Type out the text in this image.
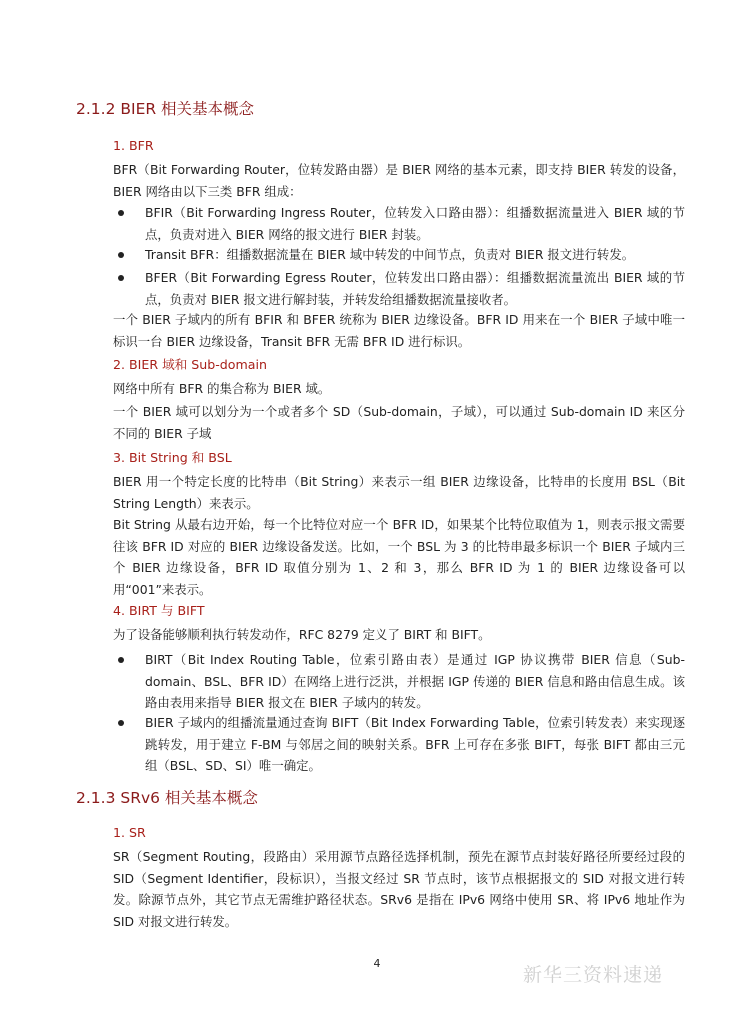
2.1.2 BIER 相关基本概念
1. BFR
BFR（Bit Forwarding Router，位转发路由器）是 BIER 网络的基本元素，即支持 BIER 转发的设备，BIER 网络由以下三类 BFR 组成：
BFIR（Bit Forwarding Ingress Router，位转发入口路由器）：组播数据流量进入 BIER 域的节点，负责对进入 BIER 网络的报文进行 BIER 封装。
Transit BFR：组播数据流量在 BIER 域中转发的中间节点，负责对 BIER 报文进行转发。
BFER（Bit Forwarding Egress Router，位转发出口路由器）：组播数据流量流出 BIER 域的节点，负责对 BIER 报文进行解封装，并转发给组播数据流量接收者。
一个 BIER 子域内的所有 BFIR 和 BFER 统称为 BIER 边缘设备。BFR ID 用来在一个 BIER 子域中唯一标识一台 BIER 边缘设备，Transit BFR 无需 BFR ID 进行标识。
2. BIER 域和 Sub-domain
网络中所有 BFR 的集合称为 BIER 域。
一个 BIER 域可以划分为一个或者多个 SD（Sub-domain，子域），可以通过 Sub-domain ID 来区分不同的 BIER 子域
3. Bit String 和 BSL
BIER 用一个特定长度的比特串（Bit String）来表示一组 BIER 边缘设备，比特串的长度用 BSL（Bit String Length）来表示。
Bit String 从最右边开始，每一个比特位对应一个 BFR ID，如果某个比特位取值为 1，则表示报文需要往该 BFR ID 对应的 BIER 边缘设备发送。比如，一个 BSL 为 3 的比特串最多标识一个 BIER 子域内三个 BIER 边缘设备，BFR ID 取值分别为 1、2 和 3，那么 BFR ID 为 1 的 BIER 边缘设备可以用“001”来表示。
4. BIRT 与 BIFT
为了设备能够顺利执行转发动作，RFC 8279 定义了 BIRT 和 BIFT。
BIRT（Bit Index Routing Table，位索引路由表）是通过 IGP 协议携带 BIER 信息（Sub-domain、BSL、BFR ID）在网络上进行泛洪，并根据 IGP 传递的 BIER 信息和路由信息生成。该路由表用来指导 BIER 报文在 BIER 子域内的转发。
BIER 子域内的组播流量通过查询 BIFT（Bit Index Forwarding Table，位索引转发表）来实现逐跳转发，用于建立 F-BM 与邻居之间的映射关系。BFR 上可存在多张 BIFT，每张 BIFT 都由三元组（BSL、SD、SI）唯一确定。
2.1.3 SRv6 相关基本概念
1. SR
SR（Segment Routing，段路由）采用源节点路径选择机制，预先在源节点封装好路径所要经过段的 SID（Segment Identifier，段标识），当报文经过 SR 节点时，该节点根据报文的 SID 对报文进行转发。除源节点外，其它节点无需维护路径状态。SRv6 是指在 IPv6 网络中使用 SR、将 IPv6 地址作为 SID 对报文进行转发。
4
新华三资料速递
